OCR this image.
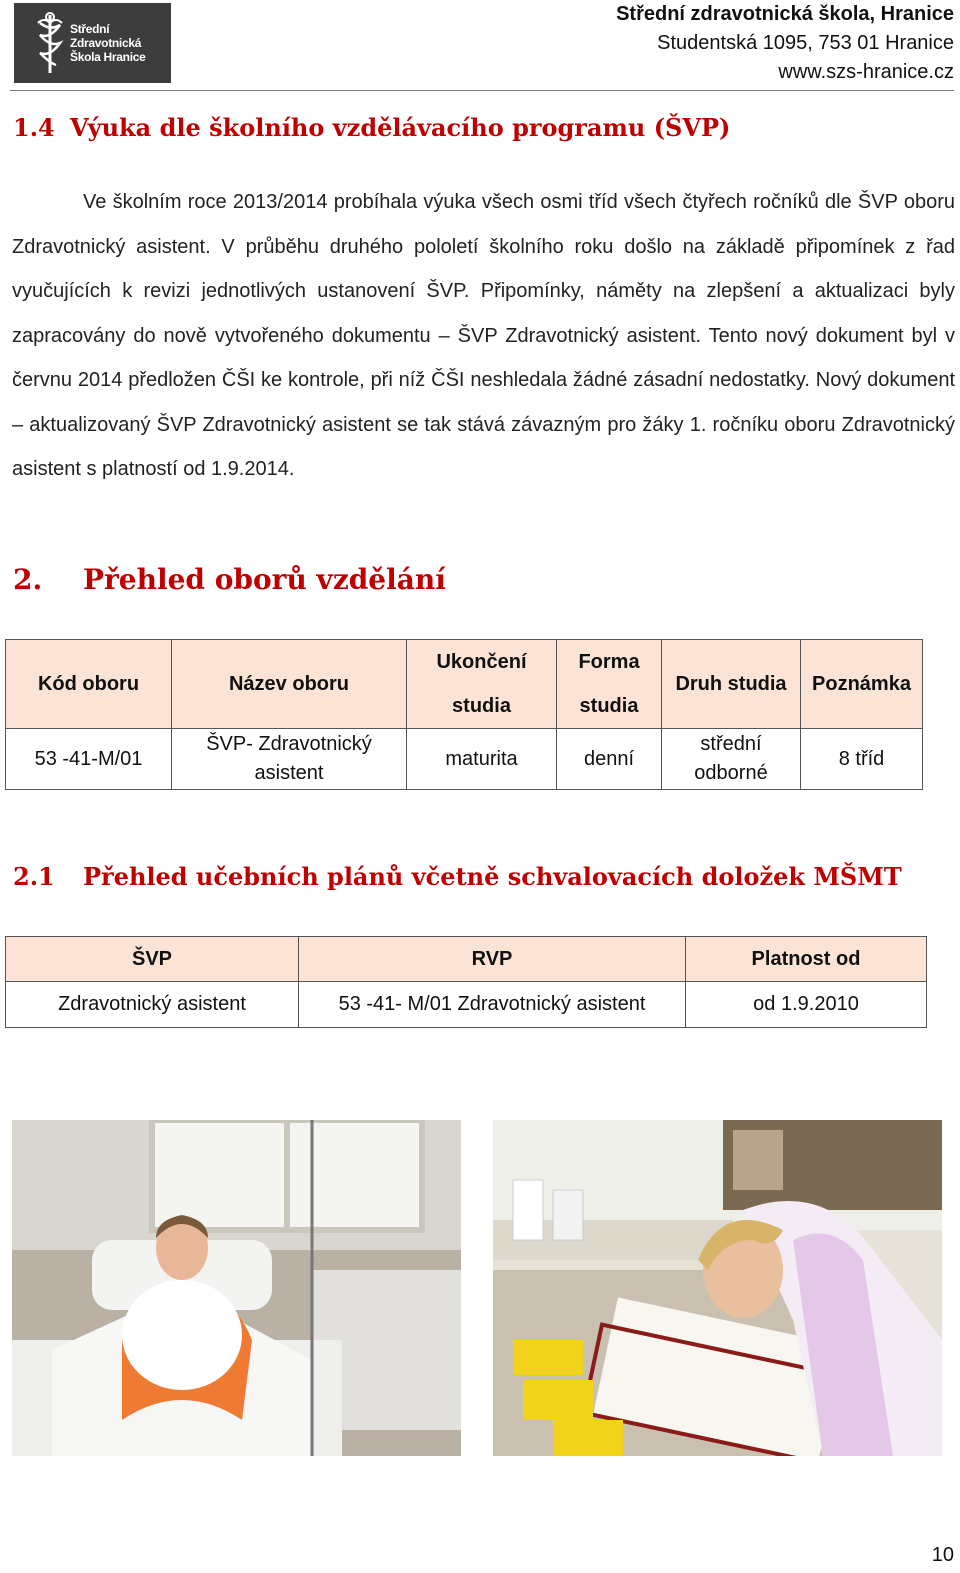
Střední
Zdravotnická
Škola Hranice
Střední zdravotnická škola, Hranice
Studentská 1095, 753 01 Hranice
www.szs-hranice.cz
1.4 Výuka dle školního vzdělávacího programu (ŠVP)

Ve školním roce 2013/2014 probíhala výuka všech osmi tříd všech čtyřech ročníků dle ŠVP oboru Zdravotnický asistent. V průběhu druhého pololetí školního roku došlo na základě připomínek z řad vyučujících k revizi jednotlivých ustanovení ŠVP. Připomínky, náměty na zlepšení a aktualizaci byly zapracovány do nově vytvořeného dokumentu – ŠVP Zdravotnický asistent. Tento nový dokument byl v červnu 2014 předložen ČŠI ke kontrole, při níž ČŠI neshledala žádné zásadní nedostatky. Nový dokument – aktualizovaný ŠVP Zdravotnický asistent se tak stává závazným pro žáky 1. ročníku oboru Zdravotnický asistent s platností od 1.9.2014.

2. Přehled oborů vzdělání
Kód oboru	Název oboru	Ukončení studia	Forma studia	Druh studia	Poznámka
53 -41-M/01	ŠVP- Zdravotnický asistent	maturita	denní	střední odborné	8 tříd
2.1 Přehled učebních plánů včetně schvalovacích doložek MŠMT
ŠVP	RVP	Platnost od
Zdravotnický asistent	53 -41- M/01 Zdravotnický asistent	od 1.9.2010
10
